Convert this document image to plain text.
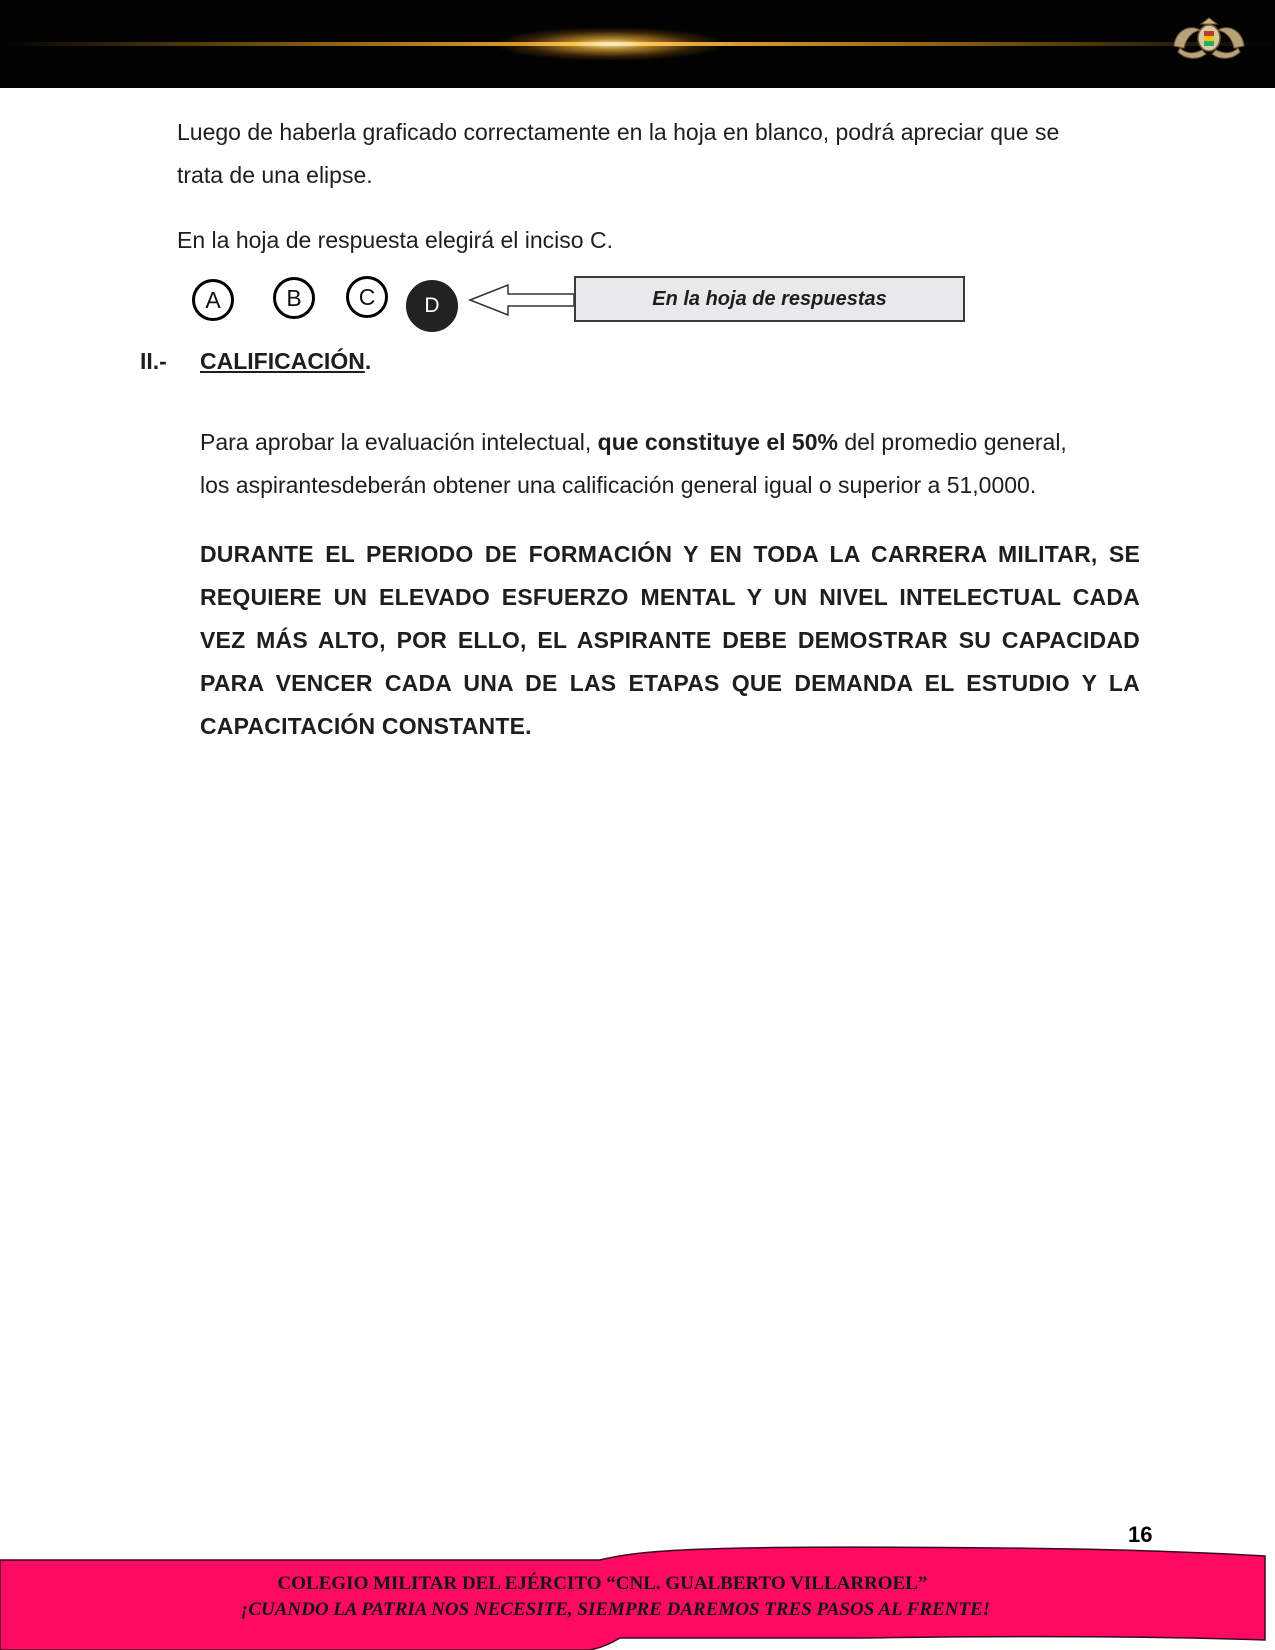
Luego de haberla graficado correctamente en la hoja en blanco, podrá apreciar que se
trata de una elipse.

En la hoja de respuesta elegirá el inciso C.

A	B C D	En la hoja de respuestas
II.- CALIFICACIÓN.

Para aprobar la evaluación intelectual, que constituye el 50% del promedio general,
los aspirantesdeberán obtener una calificación general igual o superior a 51,0000.

DURANTE EL PERIODO DE FORMACIÓN Y EN TODA LA CARRERA MILITAR, SE REQUIERE UN ELEVADO ESFUERZO MENTAL Y UN NIVEL INTELECTUAL CADA VEZ MÁS ALTO, POR ELLO, EL ASPIRANTE DEBE DEMOSTRAR SU CAPACIDAD PARA VENCER CADA UNA DE LAS ETAPAS QUE DEMANDA EL ESTUDIO Y LA CAPACITACIÓN CONSTANTE.

16
COLEGIO MILITAR DEL EJÉRCITO “CNL. GUALBERTO VILLARROEL”
¡CUANDO LA PATRIA NOS NECESITE, SIEMPRE DAREMOS TRES PASOS AL FRENTE!
